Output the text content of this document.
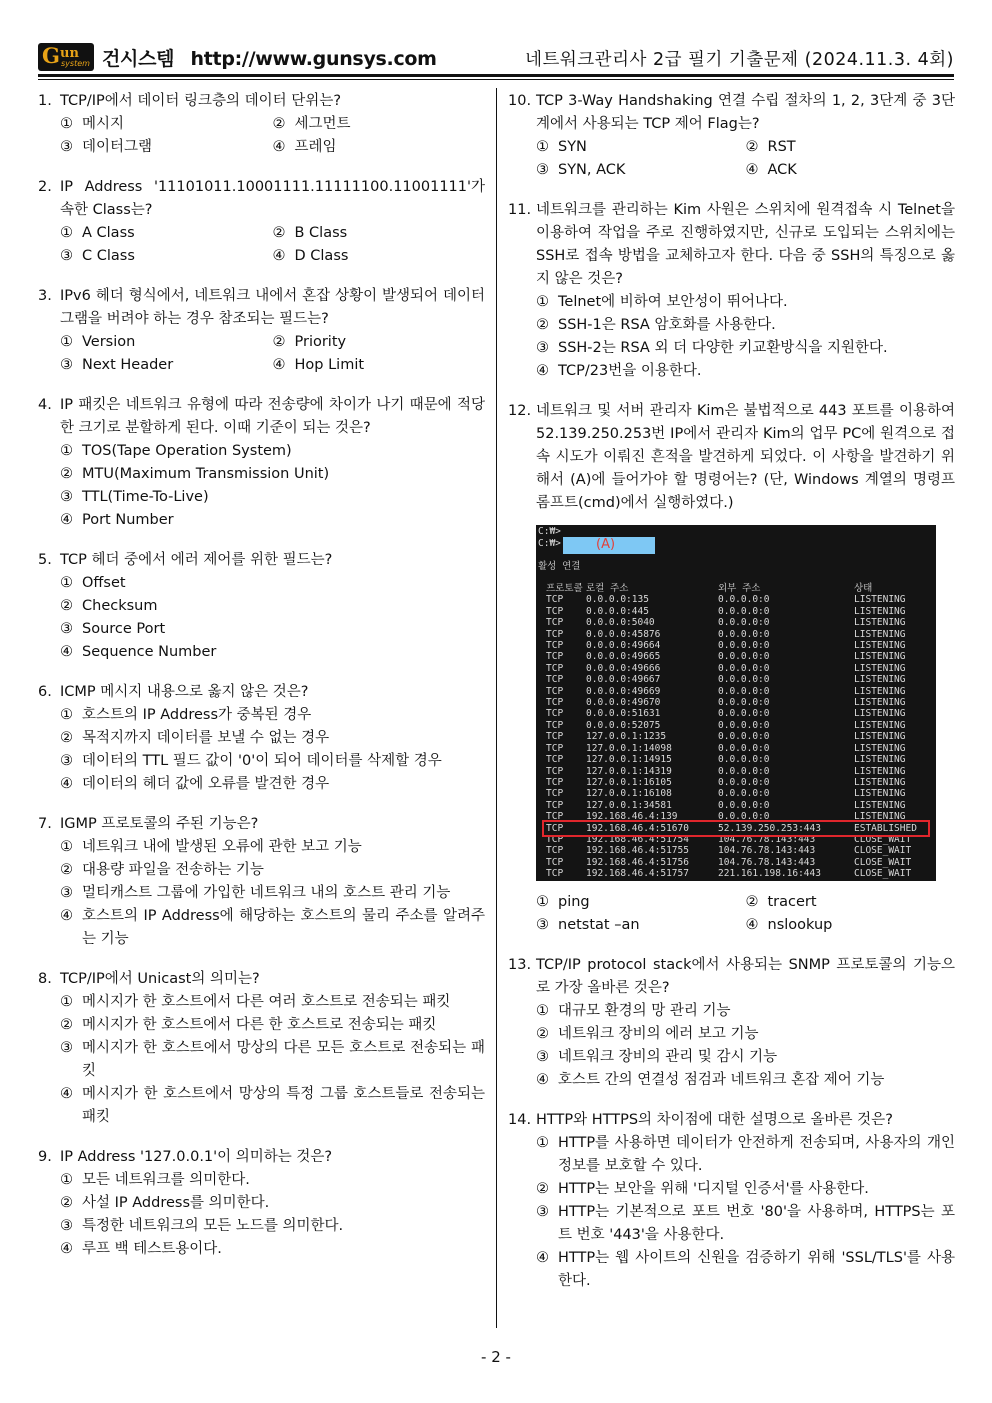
G un
system 건시스템 http://www.gunsys.com	네트워크관리사 2급 필기 기출문제 (2024.11.3. 4회)
1. TCP/IP에서 데이터 링크층의 데이터 단위는?
① 메시지	② 세그먼트
③ 데이터그램	④ 프레임
2. IP Address '11101011.10001111.11111100.11001111'가 속한 Class는?
① A Class	② B Class
③ C Class	④ D Class
3. IPv6 헤더 형식에서, 네트워크 내에서 혼잡 상황이 발생되어 데이터그램을 버려야 하는 경우 참조되는 필드는?
① Version	② Priority
③ Next Header	④ Hop Limit
4. IP 패킷은 네트워크 유형에 따라 전송량에 차이가 나기 때문에 적당한 크기로 분할하게 된다. 이때 기준이 되는 것은?
① TOS(Tape Operation System)
② MTU(Maximum Transmission Unit)
③ TTL(Time-To-Live)
④ Port Number
5. TCP 헤더 중에서 에러 제어를 위한 필드는?
① Offset
② Checksum
③ Source Port
④ Sequence Number
6. ICMP 메시지 내용으로 옳지 않은 것은?
① 호스트의 IP Address가 중복된 경우
② 목적지까지 데이터를 보낼 수 없는 경우
③ 데이터의 TTL 필드 값이 '0'이 되어 데이터를 삭제할 경우
④ 데이터의 헤더 값에 오류를 발견한 경우
7. IGMP 프로토콜의 주된 기능은?
① 네트워크 내에 발생된 오류에 관한 보고 기능
② 대용량 파일을 전송하는 기능
③ 멀티캐스트 그룹에 가입한 네트워크 내의 호스트 관리 기능
④ 호스트의 IP Address에 해당하는 호스트의 물리 주소를 알려주는 기능
8. TCP/IP에서 Unicast의 의미는?
① 메시지가 한 호스트에서 다른 여러 호스트로 전송되는 패킷
② 메시지가 한 호스트에서 다른 한 호스트로 전송되는 패킷
③ 메시지가 한 호스트에서 망상의 다른 모든 호스트로 전송되는 패킷
④ 메시지가 한 호스트에서 망상의 특정 그룹 호스트들로 전송되는 패킷
9. IP Address '127.0.0.1'이 의미하는 것은?
① 모든 네트워크를 의미한다.
② 사설 IP Address를 의미한다.
③ 특정한 네트워크의 모든 노드를 의미한다.
④ 루프 백 테스트용이다.
10. TCP 3-Way Handshaking 연결 수립 절차의 1, 2, 3단계 중 3단계에서 사용되는 TCP 제어 Flag는?
① SYN	② RST
③ SYN, ACK	④ ACK
11. 네트워크를 관리하는 Kim 사원은 스위치에 원격접속 시 Telnet을 이용하여 작업을 주로 진행하였지만, 신규로 도입되는 스위치에는 SSH로 접속 방법을 교체하고자 한다. 다음 중 SSH의 특징으로 옳지 않은 것은?
① Telnet에 비하여 보안성이 뛰어나다.
② SSH-1은 RSA 암호화를 사용한다.
③ SSH-2는 RSA 외 더 다양한 키교환방식을 지원한다.
④ TCP/23번을 이용한다.
12. 네트워크 및 서버 관리자 Kim은 불법적으로 443 포트를 이용하여 52.139.250.253번 IP에서 관리자 Kim의 업무 PC에 원격으로 접속 시도가 이뤄진 흔적을 발견하게 되었다. 이 사항을 발견하기 위해서 (A)에 들어가야 할 명령어는? (단, Windows 계열의 명령프롬프트(cmd)에서 실행하였다.)
C:₩>
C:₩>	(A)
활성 연결
프로토콜	로컬 주소	외부 주소	상태
TCP	0.0.0.0:135	0.0.0.0:0	LISTENING
TCP	0.0.0.0:445	0.0.0.0:0	LISTENING
TCP	0.0.0.0:5040	0.0.0.0:0	LISTENING
TCP	0.0.0.0:45876	0.0.0.0:0	LISTENING
TCP	0.0.0.0:49664	0.0.0.0:0	LISTENING
TCP	0.0.0.0:49665	0.0.0.0:0	LISTENING
TCP	0.0.0.0:49666	0.0.0.0:0	LISTENING
TCP	0.0.0.0:49667	0.0.0.0:0	LISTENING
TCP	0.0.0.0:49669	0.0.0.0:0	LISTENING
TCP	0.0.0.0:49670	0.0.0.0:0	LISTENING
TCP	0.0.0.0:51631	0.0.0.0:0	LISTENING
TCP	0.0.0.0:52075	0.0.0.0:0	LISTENING
TCP	127.0.0.1:1235	0.0.0.0:0	LISTENING
TCP	127.0.0.1:14098	0.0.0.0:0	LISTENING
TCP	127.0.0.1:14915	0.0.0.0:0	LISTENING
TCP	127.0.0.1:14319	0.0.0.0:0	LISTENING
TCP	127.0.0.1:16105	0.0.0.0:0	LISTENING
TCP	127.0.0.1:16108	0.0.0.0:0	LISTENING
TCP	127.0.0.1:34581	0.0.0.0:0	LISTENING
TCP	192.168.46.4:139	0.0.0.0:0	LISTENING
TCP	192.168.46.4:51670	52.139.250.253:443	ESTABLISHED
TCP	192.168.46.4:51754	104.76.78.143:443	CLOSE_WAIT
TCP	192.168.46.4:51755	104.76.78.143:443	CLOSE_WAIT
TCP	192.168.46.4:51756	104.76.78.143:443	CLOSE_WAIT
TCP	192.168.46.4:51757	221.161.198.16:443	CLOSE_WAIT
① ping	② tracert
③ netstat –an	④ nslookup
13. TCP/IP protocol stack에서 사용되는 SNMP 프로토콜의 기능으로 가장 올바른 것은?
① 대규모 환경의 망 관리 기능
② 네트워크 장비의 에러 보고 기능
③ 네트워크 장비의 관리 및 감시 기능
④ 호스트 간의 연결성 점검과 네트워크 혼잡 제어 기능
14. HTTP와 HTTPS의 차이점에 대한 설명으로 올바른 것은?
① HTTP를 사용하면 데이터가 안전하게 전송되며, 사용자의 개인 정보를 보호할 수 있다.
② HTTP는 보안을 위해 '디지털 인증서'를 사용한다.
③ HTTP는 기본적으로 포트 번호 '80'을 사용하며, HTTPS는 포트 번호 '443'을 사용한다.
④ HTTP는 웹 사이트의 신원을 검증하기 위해 'SSL/TLS'를 사용한다.
- 2 -
